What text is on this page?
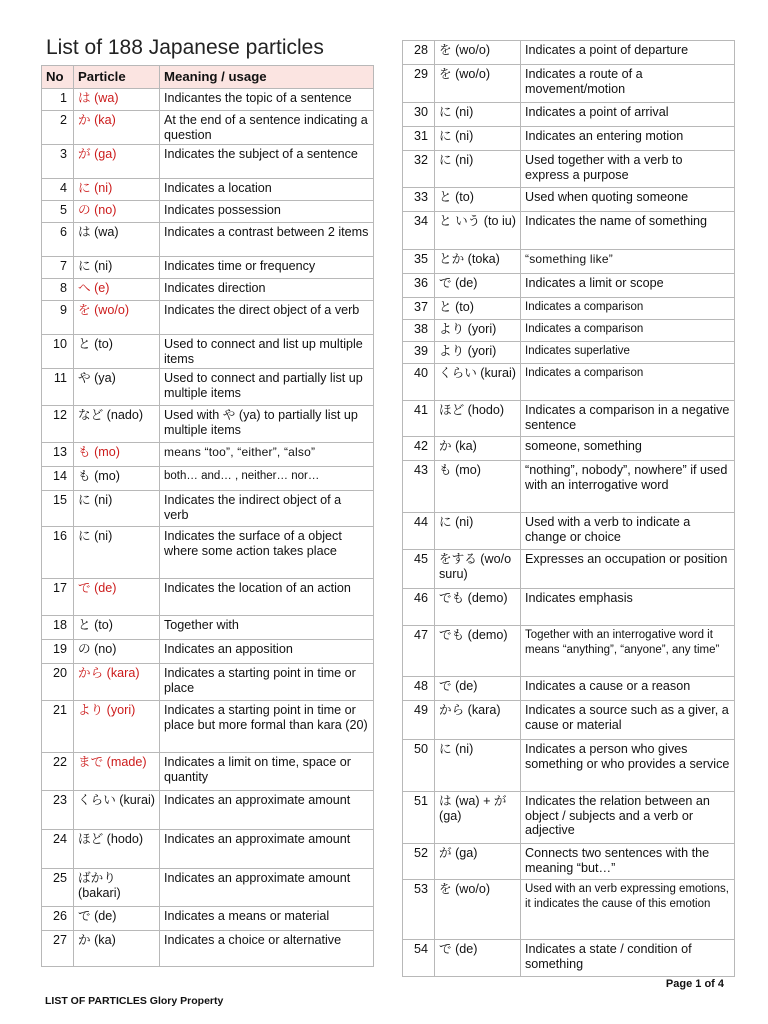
List of 188 Japanese particles
No	Particle	Meaning / usage
1	は (wa)	Indicantes the topic of a sentence
2	か (ka)	At the end of a sentence indicating a question
3	が (ga)	Indicates the subject of a sentence
4	に (ni)	Indicates a location
5	の (no)	Indicates possession
6	は (wa)	Indicates a contrast between 2 items
7	に (ni)	Indicates time or frequency
8	へ (e)	Indicates direction
9	を (wo/o)	Indicates the direct object of a verb
10	と (to)	Used to connect and list up multiple items
11	や (ya)	Used to connect and partially list up multiple items
12	など (nado)	Used with や (ya) to partially list up multiple items
13	も (mo)	means “too”, “either”, “also”
14	も (mo)	both… and… , neither… nor…
15	に (ni)	Indicates the indirect object of a verb
16	に (ni)	Indicates the surface of a object where some action takes place
17	で (de)	Indicates the location of an action
18	と (to)	Together with
19	の (no)	Indicates an apposition
20	から (kara)	Indicates a starting point in time or place
21	より (yori)	Indicates a starting point in time or place but more formal than kara (20)
22	まで (made)	Indicates a limit on time, space or quantity
23	くらい (kurai)	Indicates an approximate amount
24	ほど (hodo)	Indicates an approximate amount
25	ばかり (bakari)	Indicates an approximate amount
26	で (de)	Indicates a means or material
27	か (ka)	Indicates a choice or alternative
28	を (wo/o)	Indicates a point of departure
29	を (wo/o)	Indicates a route of a movement/motion
30	に (ni)	Indicates a point of arrival
31	に (ni)	Indicates an entering motion
32	に (ni)	Used together with a verb to express a purpose
33	と (to)	Used when quoting someone
34	と いう (to iu)	Indicates the name of something
35	とか (toka)	“something like”
36	で (de)	Indicates a limit or scope
37	と (to)	Indicates a comparison
38	より (yori)	Indicates a comparison
39	より (yori)	Indicates superlative
40	くらい (kurai)	Indicates a comparison
41	ほど (hodo)	Indicates a comparison in a negative sentence
42	か (ka)	someone, something
43	も (mo)	“nothing”, nobody”, nowhere” if used with an interrogative word
44	に (ni)	Used with a verb to indicate a change or choice
45	をする (wo/o suru)	Expresses an occupation or position
46	でも (demo)	Indicates emphasis
47	でも (demo)	Together with an interrogative word it means “anything”, “anyone”, any time”
48	で (de)	Indicates a cause or a reason
49	から (kara)	Indicates a source such as a giver, a cause or material
50	に (ni)	Indicates a person who gives something or who provides a service
51	は (wa) + が (ga)	Indicates the relation between an object / subjects and a verb or adjective
52	が (ga)	Connects two sentences with the meaning “but…”
53	を (wo/o)	Used with an verb expressing emotions, it indicates the cause of this emotion
54	で (de)	Indicates a state / condition of something
LIST OF PARTICLES Glory Property
Page 1 of 4
